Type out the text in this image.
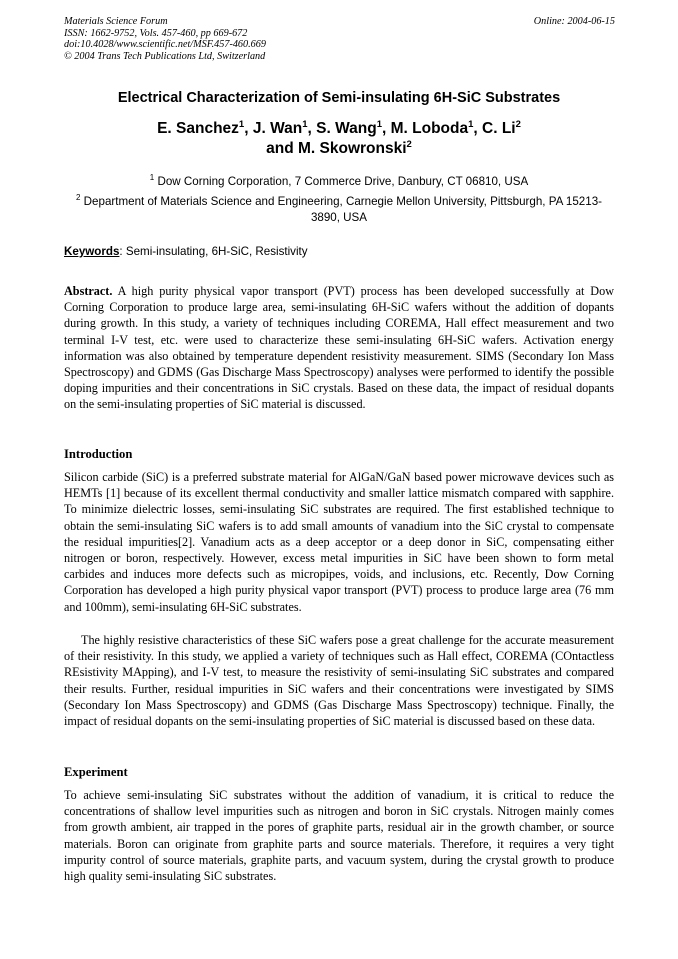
Materials Science Forum
ISSN: 1662-9752, Vols. 457-460, pp 669-672
doi:10.4028/www.scientific.net/MSF.457-460.669
© 2004 Trans Tech Publications Ltd, Switzerland
Online: 2004-06-15
Electrical Characterization of Semi-insulating 6H-SiC Substrates
E. Sanchez$^1$, J. Wan$^1$, S. Wang$^1$, M. Loboda$^1$, C. Li$^2$
and M. Skowronski$^2$
$^1$ Dow Corning Corporation, 7 Commerce Drive, Danbury, CT 06810, USA
$^2$ Department of Materials Science and Engineering, Carnegie Mellon University, Pittsburgh, PA 15213-3890, USA
Keywords: Semi-insulating, 6H-SiC, Resistivity
Abstract. A high purity physical vapor transport (PVT) process has been developed successfully at Dow Corning Corporation to produce large area, semi-insulating 6H-SiC wafers without the addition of dopants during growth. In this study, a variety of techniques including COREMA, Hall effect measurement and two terminal I-V test, etc. were used to characterize these semi-insulating 6H-SiC wafers. Activation energy information was also obtained by temperature dependent resistivity measurement. SIMS (Secondary Ion Mass Spectroscopy) and GDMS (Gas Discharge Mass Spectroscopy) analyses were performed to identify the possible doping impurities and their concentrations in SiC crystals. Based on these data, the impact of residual dopants on the semi-insulating properties of SiC material is discussed.
Introduction
Silicon carbide (SiC) is a preferred substrate material for AlGaN/GaN based power microwave devices such as HEMTs [1] because of its excellent thermal conductivity and smaller lattice mismatch compared with sapphire. To minimize dielectric losses, semi-insulating SiC substrates are required. The first established technique to obtain the semi-insulating SiC wafers is to add small amounts of vanadium into the SiC crystal to compensate the residual impurities[2]. Vanadium acts as a deep acceptor or a deep donor in SiC, compensating either nitrogen or boron, respectively. However, excess metal impurities in SiC have been shown to form metal carbides and induces more defects such as micropipes, voids, and inclusions, etc. Recently, Dow Corning Corporation has developed a high purity physical vapor transport (PVT) process to produce large area (76 mm and 100mm), semi-insulating 6H-SiC substrates.
The highly resistive characteristics of these SiC wafers pose a great challenge for the accurate measurement of their resistivity. In this study, we applied a variety of techniques such as Hall effect, COREMA (COntactless REsistivity MApping), and I-V test, to measure the resistivity of semi-insulating SiC substrates and compared their results. Further, residual impurities in SiC wafers and their concentrations were investigated by SIMS (Secondary Ion Mass Spectroscopy) and GDMS (Gas Discharge Mass Spectroscopy) technique. Finally, the impact of residual dopants on the semi-insulating properties of SiC material is discussed based on these data.
Experiment
To achieve semi-insulating SiC substrates without the addition of vanadium, it is critical to reduce the concentrations of shallow level impurities such as nitrogen and boron in SiC crystals. Nitrogen mainly comes from growth ambient, air trapped in the pores of graphite parts, residual air in the growth chamber, or source materials. Boron can originate from graphite parts and source materials. Therefore, it requires a very tight impurity control of source materials, graphite parts, and vacuum system, during the crystal growth to produce high quality semi-insulating SiC substrates.
